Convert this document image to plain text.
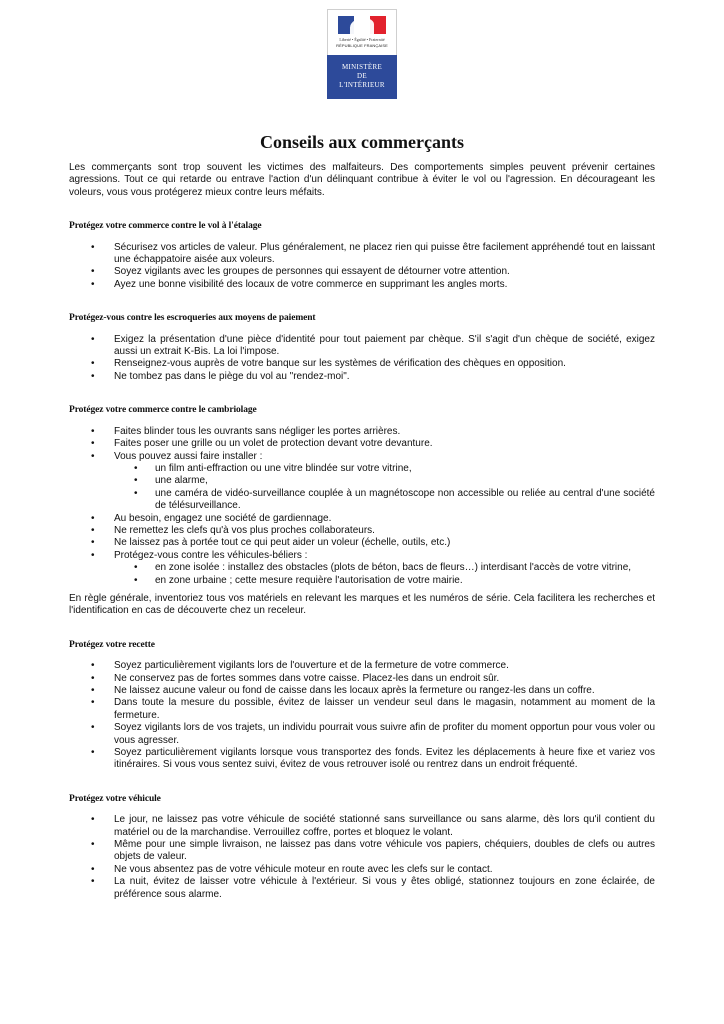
Liberté • Égalité • Fraternité
RÉPUBLIQUE FRANÇAISE
MINISTÈRE
DE
L'INTÉRIEUR
Conseils aux commerçants

Les commerçants sont trop souvent les victimes des malfaiteurs. Des comportements simples peuvent prévenir certaines agressions. Tout ce qui retarde ou entrave l'action d'un délinquant contribue à éviter le vol ou l'agression. En décourageant les voleurs, vous vous protégerez mieux contre leurs méfaits.

Protégez votre commerce contre le vol à l'étalage
• Sécurisez vos articles de valeur. Plus généralement, ne placez rien qui puisse être facilement appréhendé tout en laissant une échappatoire aisée aux voleurs.
• Soyez vigilants avec les groupes de personnes qui essayent de détourner votre attention.
• Ayez une bonne visibilité des locaux de votre commerce en supprimant les angles morts.
Protégez-vous contre les escroqueries aux moyens de paiement
• Exigez la présentation d'une pièce d'identité pour tout paiement par chèque. S'il s'agit d'un chèque de société, exigez aussi un extrait K-Bis. La loi l'impose.
• Renseignez-vous auprès de votre banque sur les systèmes de vérification des chèques en opposition.
• Ne tombez pas dans le piège du vol au "rendez-moi".
Protégez votre commerce contre le cambriolage
• Faites blinder tous les ouvrants sans négliger les portes arrières.
• Faites poser une grille ou un volet de protection devant votre devanture.
• Vous pouvez aussi faire installer :
• un film anti-effraction ou une vitre blindée sur votre vitrine,
• une alarme,
• une caméra de vidéo-surveillance couplée à un magnétoscope non accessible ou reliée au central d'une société de télésurveillance.
• Au besoin, engagez une société de gardiennage.
• Ne remettez les clefs qu'à vos plus proches collaborateurs.
• Ne laissez pas à portée tout ce qui peut aider un voleur (échelle, outils, etc.)
• Protégez-vous contre les véhicules-béliers :
• en zone isolée : installez des obstacles (plots de béton, bacs de fleurs…) interdisant l'accès de votre vitrine,
• en zone urbaine ; cette mesure requière l'autorisation de votre mairie.

En règle générale, inventoriez tous vos matériels en relevant les marques et les numéros de série. Cela facilitera les recherches et l'identification en cas de découverte chez un receleur.

Protégez votre recette
• Soyez particulièrement vigilants lors de l'ouverture et de la fermeture de votre commerce.
• Ne conservez pas de fortes sommes dans votre caisse. Placez-les dans un endroit sûr.
• Ne laissez aucune valeur ou fond de caisse dans les locaux après la fermeture ou rangez-les dans un coffre.
• Dans toute la mesure du possible, évitez de laisser un vendeur seul dans le magasin, notamment au moment de la fermeture.
• Soyez vigilants lors de vos trajets, un individu pourrait vous suivre afin de profiter du moment opportun pour vous voler ou vous agresser.
• Soyez particulièrement vigilants lorsque vous transportez des fonds. Evitez les déplacements à heure fixe et variez vos itinéraires. Si vous vous sentez suivi, évitez de vous retrouver isolé ou rentrez dans un endroit fréquenté.
Protégez votre véhicule
• Le jour, ne laissez pas votre véhicule de société stationné sans surveillance ou sans alarme, dès lors qu'il contient du matériel ou de la marchandise. Verrouillez coffre, portes et bloquez le volant.
• Même pour une simple livraison, ne laissez pas dans votre véhicule vos papiers, chéquiers, doubles de clefs ou autres objets de valeur.
• Ne vous absentez pas de votre véhicule moteur en route avec les clefs sur le contact.
• La nuit, évitez de laisser votre véhicule à l'extérieur. Si vous y êtes obligé, stationnez toujours en zone éclairée, de préférence sous alarme.
